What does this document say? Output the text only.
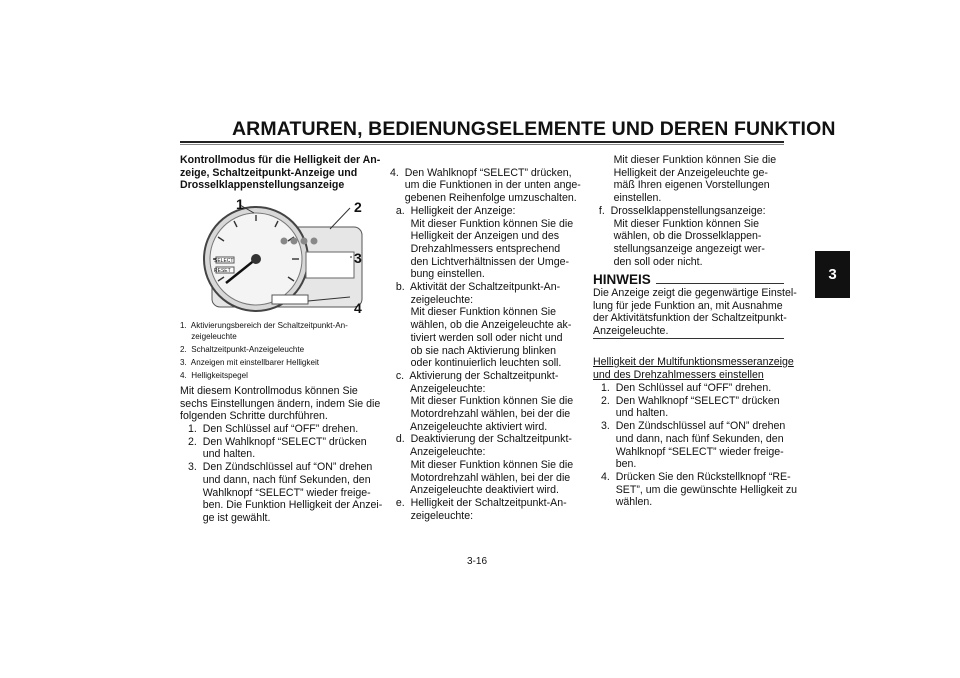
ARMATUREN, BEDIENUNGSELEMENTE UND DEREN FUNKTION
3
Kontrollmodus für die Helligkeit der An-
zeige, Schaltzeitpunkt-Anzeige und
Drosselklappenstellungsanzeige
1	2
3
4
SELECT
RESET
1.  Aktivierungsbereich der Schaltzeitpunkt-An-
zeigeleuchte
2.  Schaltzeitpunkt-Anzeigeleuchte
3.  Anzeigen mit einstellbarer Helligkeit
4.  Helligkeitspegel
Mit diesem Kontrollmodus können Sie
sechs Einstellungen ändern, indem Sie die
folgenden Schritte durchführen.
1.  Den Schlüssel auf “OFF” drehen.
2.  Den Wahlknopf “SELECT” drücken
und halten.
3.  Den Zündschlüssel auf “ON” drehen
und dann, nach fünf Sekunden, den
Wahlknopf “SELECT” wieder freige-
ben. Die Funktion Helligkeit der Anzei-
ge ist gewählt.

4.  Den Wahlknopf “SELECT” drücken,
um die Funktionen in der unten ange-
gebenen Reihenfolge umzuschalten.
a.  Helligkeit der Anzeige:
Mit dieser Funktion können Sie die
Helligkeit der Anzeigen und des
Drehzahlmessers entsprechend
den Lichtverhältnissen der Umge-
bung einstellen.
b.  Aktivität der Schaltzeitpunkt-An-
zeigeleuchte:
Mit dieser Funktion können Sie
wählen, ob die Anzeigeleuchte ak-
tiviert werden soll oder nicht und
ob sie nach Aktivierung blinken
oder kontinuierlich leuchten soll.
c.  Aktivierung der Schaltzeitpunkt-
Anzeigeleuchte:
Mit dieser Funktion können Sie die
Motordrehzahl wählen, bei der die
Anzeigeleuchte aktiviert wird.
d.  Deaktivierung der Schaltzeitpunkt-
Anzeigeleuchte:
Mit dieser Funktion können Sie die
Motordrehzahl wählen, bei der die
Anzeigeleuchte deaktiviert wird.
e.  Helligkeit der Schaltzeitpunkt-An-
zeigeleuchte:

Mit dieser Funktion können Sie die
Helligkeit der Anzeigeleuchte ge-
mäß Ihren eigenen Vorstellungen
einstellen.
f.  Drosselklappenstellungsanzeige:
Mit dieser Funktion können Sie
wählen, ob die Drosselklappen-
stellungsanzeige angezeigt wer-
den soll oder nicht.
HINWEIS
Die Anzeige zeigt die gegenwärtige Einstel-
lung für jede Funktion an, mit Ausnahme
der Aktivitätsfunktion der Schaltzeitpunkt-
Anzeigeleuchte.
Helligkeit der Multifunktionsmesseranzeige
und des Drehzahlmessers einstellen
1.  Den Schlüssel auf “OFF” drehen.
2.  Den Wahlknopf “SELECT” drücken
und halten.
3.  Den Zündschlüssel auf “ON” drehen
und dann, nach fünf Sekunden, den
Wahlknopf “SELECT” wieder freige-
ben.
4.  Drücken Sie den Rückstellknopf “RE-
SET”, um die gewünschte Helligkeit zu
wählen.
3-16
